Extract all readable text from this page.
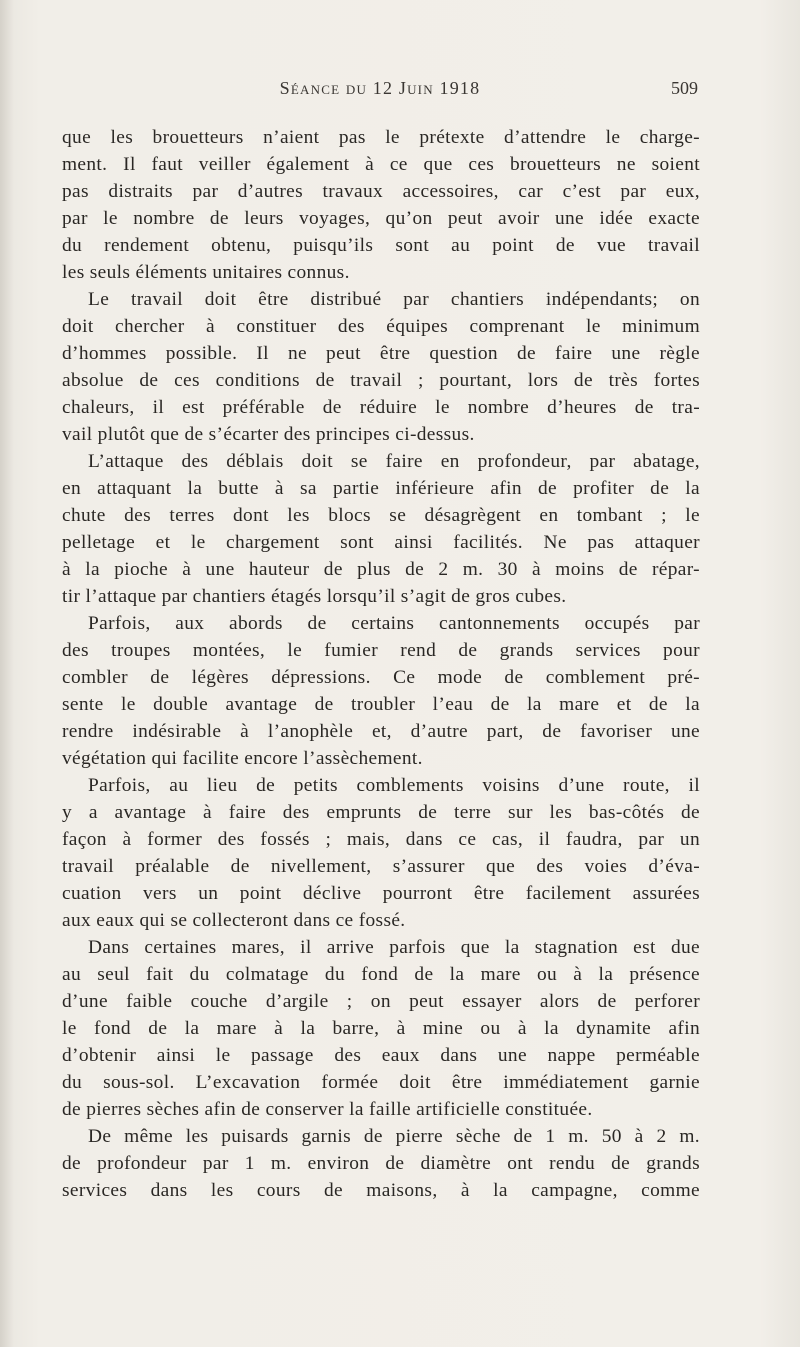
Séance du 12 Juin 1918	509
que les brouetteurs n’aient pas le prétexte d’attendre le charge-
ment. Il faut veiller également à ce que ces brouetteurs ne soient
pas distraits par d’autres travaux accessoires, car c’est par eux,
par le nombre de leurs voyages, qu’on peut avoir une idée exacte
du rendement obtenu, puisqu’ils sont au point de vue travail
les seuls éléments unitaires connus.
Le travail doit être distribué par chantiers indépendants; on
doit chercher à constituer des équipes comprenant le minimum
d’hommes possible. Il ne peut être question de faire une règle
absolue de ces conditions de travail ; pourtant, lors de très fortes
chaleurs, il est préférable de réduire le nombre d’heures de tra-
vail plutôt que de s’écarter des principes ci-dessus.
L’attaque des déblais doit se faire en profondeur, par abatage,
en attaquant la butte à sa partie inférieure afin de profiter de la
chute des terres dont les blocs se désagrègent en tombant ; le
pelletage et le chargement sont ainsi facilités. Ne pas attaquer
à la pioche à une hauteur de plus de 2 m. 30 à moins de répar-
tir l’attaque par chantiers étagés lorsqu’il s’agit de gros cubes.
Parfois, aux abords de certains cantonnements occupés par
des troupes montées, le fumier rend de grands services pour
combler de légères dépressions. Ce mode de comblement pré-
sente le double avantage de troubler l’eau de la mare et de la
rendre indésirable à l’anophèle et, d’autre part, de favoriser une
végétation qui facilite encore l’assèchement.
Parfois, au lieu de petits comblements voisins d’une route, il
y a avantage à faire des emprunts de terre sur les bas-côtés de
façon à former des fossés ; mais, dans ce cas, il faudra, par un
travail préalable de nivellement, s’assurer que des voies d’éva-
cuation vers un point déclive pourront être facilement assurées
aux eaux qui se collecteront dans ce fossé.
Dans certaines mares, il arrive parfois que la stagnation est due
au seul fait du colmatage du fond de la mare ou à la présence
d’une faible couche d’argile ; on peut essayer alors de perforer
le fond de la mare à la barre, à mine ou à la dynamite afin
d’obtenir ainsi le passage des eaux dans une nappe perméable
du sous-sol. L’excavation formée doit être immédiatement garnie
de pierres sèches afin de conserver la faille artificielle constituée.
De même les puisards garnis de pierre sèche de 1 m. 50 à 2 m.
de profondeur par 1 m. environ de diamètre ont rendu de grands
services dans les cours de maisons, à la campagne, comme
